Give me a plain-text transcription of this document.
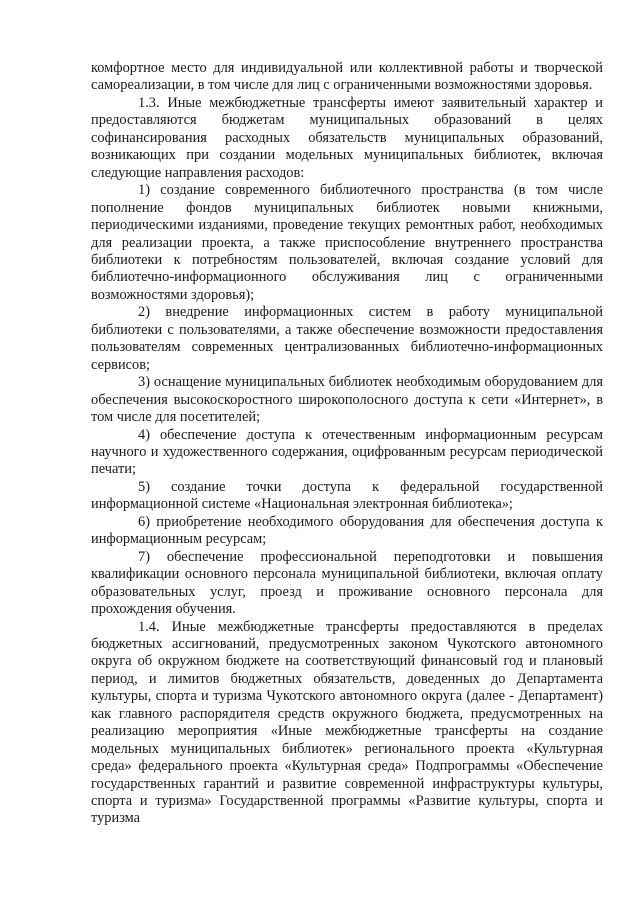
комфортное место для индивидуальной или коллективной работы и творческой самореализации, в том числе для лиц с ограниченными возможностями здоровья.

1.3. Иные межбюджетные трансферты имеют заявительный характер и предоставляются бюджетам муниципальных образований в целях софинансирования расходных обязательств муниципальных образований, возникающих при создании модельных муниципальных библиотек, включая следующие направления расходов:

1) создание современного библиотечного пространства (в том числе пополнение фондов муниципальных библиотек новыми книжными, периодическими изданиями, проведение текущих ремонтных работ, необходимых для реализации проекта, а также приспособление внутреннего пространства библиотеки к потребностям пользователей, включая создание условий для библиотечно-информационного обслуживания лиц с ограниченными возможностями здоровья);

2) внедрение информационных систем в работу муниципальной библиотеки с пользователями, а также обеспечение возможности предоставления пользователям современных централизованных библиотечно-информационных сервисов;

3) оснащение муниципальных библиотек необходимым оборудованием для обеспечения высокоскоростного широкополосного доступа к сети «Интернет», в том числе для посетителей;

4) обеспечение доступа к отечественным информационным ресурсам научного и художественного содержания, оцифрованным ресурсам периодической печати;

5) создание точки доступа к федеральной государственной информационной системе «Национальная электронная библиотека»;

6) приобретение необходимого оборудования для обеспечения доступа к информационным ресурсам;

7) обеспечение профессиональной переподготовки и повышения квалификации основного персонала муниципальной библиотеки, включая оплату образовательных услуг, проезд и проживание основного персонала для прохождения обучения.

1.4. Иные межбюджетные трансферты предоставляются в пределах бюджетных ассигнований, предусмотренных законом Чукотского автономного округа об окружном бюджете на соответствующий финансовый год и плановый период, и лимитов бюджетных обязательств, доведенных до Департамента культуры, спорта и туризма Чукотского автономного округа (далее - Департамент) как главного распорядителя средств окружного бюджета, предусмотренных на реализацию мероприятия «Иные межбюджетные трансферты на создание модельных муниципальных библиотек» регионального проекта «Культурная среда» федерального проекта «Культурная среда» Подпрограммы «Обеспечение государственных гарантий и развитие современной инфраструктуры культуры, спорта и туризма» Государственной программы «Развитие культуры, спорта и туризма
